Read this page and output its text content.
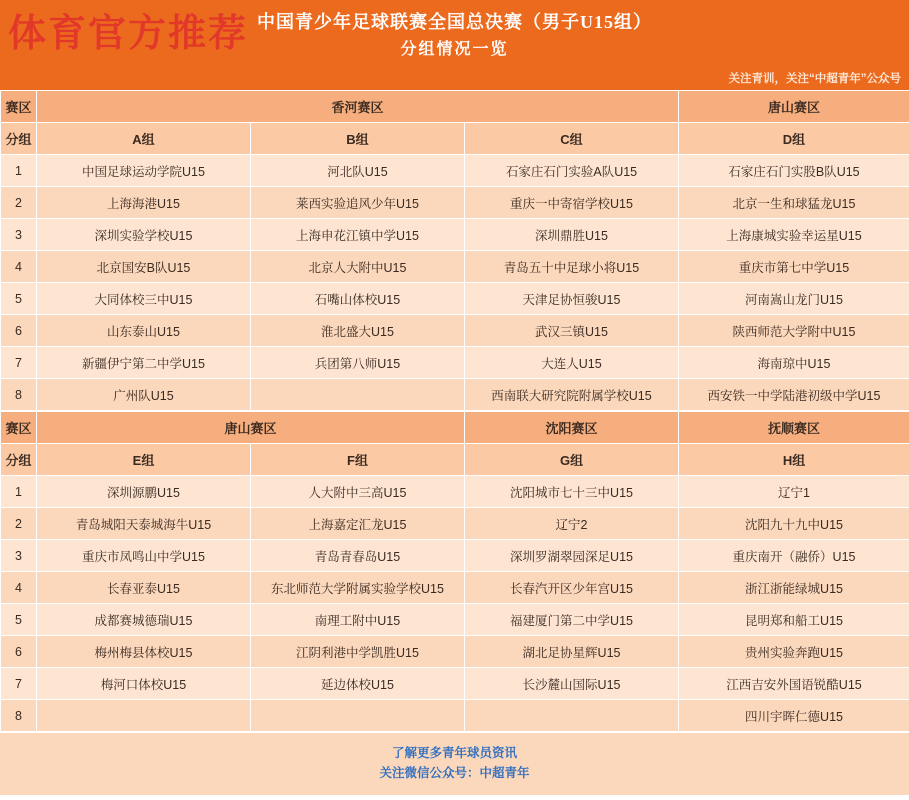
体育官方推荐 中国青少年足球联赛全国总决赛（男子U15组）
分组情况一览
关注青训，关注“中超青年”公众号
赛区	香河赛区			唐山赛区
分组	A组	B组	C组	D组
1	中国足球运动学院U15	河北队U15	石家庄石门实验A队U15	石家庄石门实股B队U15
2	上海海港U15	莱西实验追风少年U15	重庆一中寄宿学校U15	北京一生和球猛龙U15
3	深圳实验学校U15	上海申花江镇中学U15	深圳鼎胜U15	上海康城实验幸运星U15
4	北京国安B队U15	北京人大附中U15	青岛五十中足球小将U15	重庆市第七中学U15
5	大同体校三中U15	石嘴山体校U15	天津足协恒骏U15	河南嵩山龙门U15
6	山东泰山U15	淮北盛大U15	武汉三镇U15	陕西师范大学附中U15
7	新疆伊宁第二中学U15	兵团第八师U15	大连人U15	海南琼中U15
8	广州队U15		西南联大研究院附属学校U15	西安铁一中学陆港初级中学U15
赛区	唐山赛区		沈阳赛区	抚顺赛区
分组	E组	F组	G组	H组
1	深圳源鹏U15	人大附中三高U15	沈阳城市七十三中U15	辽宁1
2	青岛城阳天泰城海牛U15	上海嘉定汇龙U15	辽宁2	沈阳九十九中U15
3	重庆市凤鸣山中学U15	青岛青春岛U15	深圳罗湖翠园深足U15	重庆南开（融侨）U15
4	长春亚泰U15	东北师范大学附属实验学校U15	长春汽开区少年宫U15	浙江浙能绿城U15
5	成都赛城德瑞U15	南理工附中U15	福建厦门第二中学U15	昆明郑和船工U15
6	梅州梅县体校U15	江阴利港中学凯胜U15	湖北足协星辉U15	贵州实验奔跑U15
7	梅河口体校U15	延边体校U15	长沙麓山国际U15	江西吉安外国语锐酷U15
8				四川宇晖仁德U15
了解更多青年球员资讯
关注微信公众号：中超青年
